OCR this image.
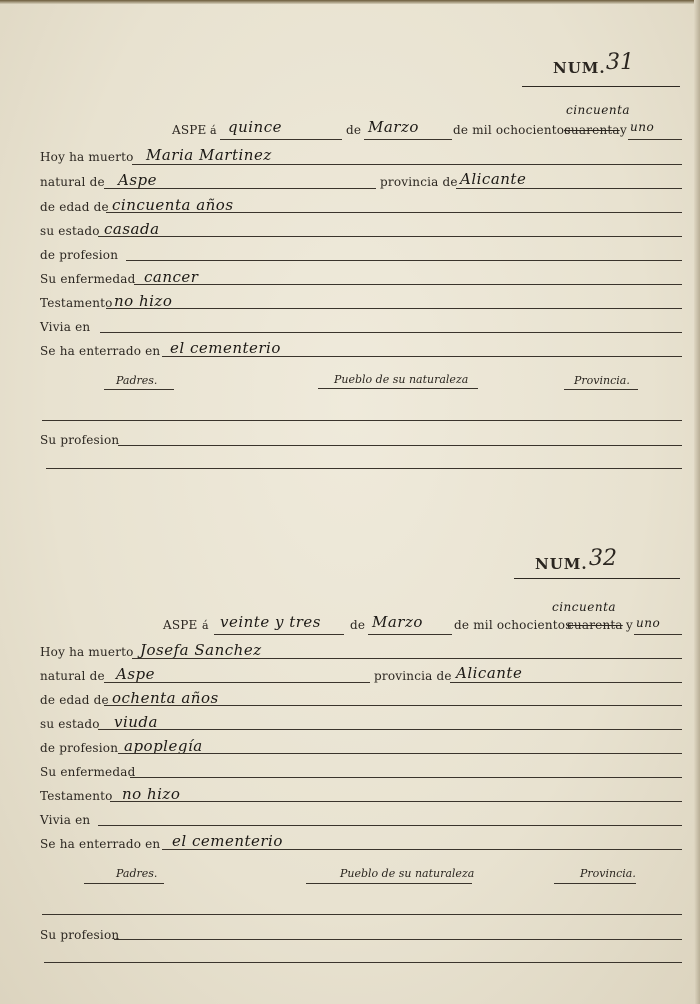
NUM. 31
ASPE á quince	de Marzo	de mil ochocientos
cuarenta
cincuenta
y uno
Hoy ha muerto Maria Martinez
natural de Aspe	provincia de Alicante
de edad de cincuenta años
su estado casada
de profesion
Su enfermedad cancer
Testamento no hizo
Vivia en
Se ha enterrado en el cementerio
Padres.	Pueblo de su naturaleza	Provincia.
Su profesion
NUM. 32
ASPE á veinte y tres de Marzo	de mil ochocientos
cuarenta
cincuenta
y uno
Hoy ha muerto Josefa Sanchez
natural de Aspe	provincia de Alicante
de edad de ochenta años
su estado viuda
de profesion apoplegía
Su enfermedad
Testamento no hizo
Vivia en
Se ha enterrado en el cementerio
Padres.	Pueblo de su naturaleza	Provincia.
Su profesion
